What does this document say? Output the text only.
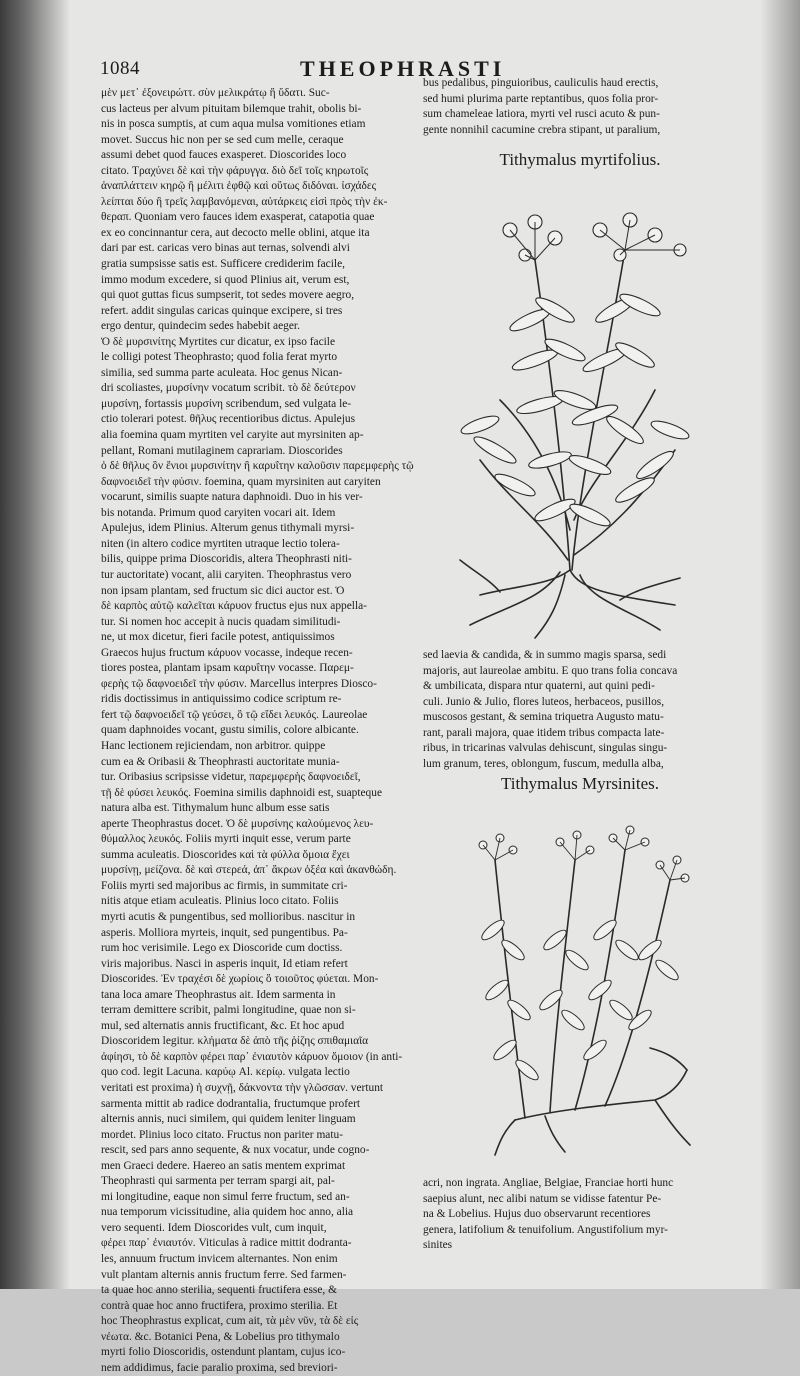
1084	THEOPHRASTI
μὲν μετ᾽ ἐξονειρώττ. σὺν μελικράτῳ ἢ ὕδατι. Suc-
cus lacteus per alvum pituitam bilemque trahit, obolis bi-
nis in posca sumptis, at cum aqua mulsa vomitiones etiam
movet. Succus hic non per se sed cum melle, ceraque
assumi debet quod fauces exasperet. Dioscorides loco
citato. Τραχύνει δὲ καὶ τὴν φάρυγγα. διὸ δεῖ τοῖς κηρωτοῖς
ἀναπλάττειν κηρῷ ἢ μέλιτι ἑφθῷ καὶ οὕτως διδόναι. ἰσχάδες
λείπται δύο ἢ τρεῖς λαμβανόμεναι, αὐτάρκεις εἰσὶ πρὸς τὴν ἐκ-
θεραπ. Quoniam vero fauces idem exasperat, catapotia quae
ex eo concinnantur cera, aut decocto melle oblini, atque ita
dari par est. caricas vero binas aut ternas, solvendi alvi
gratia sumpsisse satis est. Sufficere crediderim facile,
immo modum excedere, si quod Plinius ait, verum est,
qui quot guttas ficus sumpserit, tot sedes movere aegro,
refert. addit singulas caricas quinque excipere, si tres
ergo dentur, quindecim sedes habebit aeger.
Ὁ δὲ μυρσινίτης Myrtites cur dicatur, ex ipso facile
le colligi potest Theophrasto; quod folia ferat myrto
similia, sed summa parte aculeata. Hoc genus Nican-
dri scoliastes, μυρσίνην vocatum scribit. τὸ δὲ δεύτερον
μυρσίνη, fortassis μυρσίνη scribendum, sed vulgata le-
ctio tolerari potest. θῆλυς recentioribus dictus. Apulejus
alia foemina quam myrtiten vel caryite aut myrsiniten ap-
pellant, Romani mutilaginem caprariam. Dioscorides
ὁ δὲ θῆλυς ὃν ἔνιοι μυρσινίτην ἢ καρυΐτην καλοῦσιν παρεμφερὴς τῷ
δαφνοειδεῖ τὴν φύσιν. foemina, quam myrsiniten aut caryiten
vocarunt, similis suapte natura daphnoidi. Duo in his ver-
bis notanda. Primum quod caryiten vocari ait. Idem
Apulejus, idem Plinius. Alterum genus tithymali myrsi-
niten (in altero codice myrtiten utraque lectio tolera-
bilis, quippe prima Dioscoridis, altera Theophrasti niti-
tur auctoritate) vocant, alii caryiten. Theophrastus vero
non ipsam plantam, sed fructum sic dici auctor est. Ὁ
δὲ καρπὸς αὐτῷ καλεῖται κάρυον fructus ejus nux appella-
tur. Si nomen hoc accepit à nucis quadam similitudi-
ne, ut mox dicetur, fieri facile potest, antiquissimos
Graecos hujus fructum κάρυον vocasse, indeque recen-
tiores postea, plantam ipsam καρυΐτην vocasse. Παρεμ-
φερὴς τῷ δαφνοειδεῖ τὴν φύσιν. Marcellus interpres Diosco-
ridis doctissimus in antiquissimo codice scriptum re-
fert τῷ δαφνοειδεῖ τῷ γεύσει, ὃ τῷ εἴδει λευκός. Laureolae
quam daphnoides vocant, gustu similis, colore albicante.
Hanc lectionem rejiciendam, non arbitror. quippe
cum ea & Oribasii & Theophrasti auctoritate munia-
tur. Oribasius scripsisse videtur, παρεμφερὴς δαφνοειδεῖ,
τῇ δὲ φύσει λευκός. Foemina similis daphnoidi est, suapteque
natura alba est. Tithymalum hunc album esse satis
aperte Theophrastus docet. Ὁ δὲ μυρσίνης καλούμενος λευ-
θύμαλλος λευκός. Foliis myrti inquit esse, verum parte
summa aculeatis. Dioscorides καὶ τὰ φύλλα ὅμοια ἔχει
μυρσίνῃ, μείζονα. δὲ καὶ στερεά, ἀπ᾽ ἄκρων ὀξέα καὶ ἀκανθώδη.
Foliis myrti sed majoribus ac firmis, in summitate cri-
nitis atque etiam aculeatis. Plinius loco citato. Foliis
myrti acutis & pungentibus, sed mollioribus. nascitur in
asperis. Molliora myrteis, inquit, sed pungentibus. Pa-
rum hoc verisimile. Lego ex Dioscoride cum doctiss.
viris majoribus. Nasci in asperis inquit, Id etiam refert
Dioscorides. Ἐν τραχέσι δὲ χωρίοις ὃ τοιοῦτος φύεται. Mon-
tana loca amare Theophrastus ait. Idem sarmenta in
terram demittere scribit, palmi longitudine, quae non si-
mul, sed alternatis annis fructificant, &c. Et hoc apud
Dioscoridem legitur. κλήματα δὲ ἀπὸ τῆς ῥίζης σπιθαμιαῖα
ἀφίησι, τὸ δὲ καρπὸν φέρει παρ᾽ ἐνιαυτὸν κάρυον ὅμοιον (in anti-
quo cod. legit Lacuna. καρύῳ Al. κερίῳ. vulgata lectio
veritati est proxima) ἡ συχνῇ, δάκνοντα τὴν γλῶσσαν. vertunt
sarmenta mittit ab radice dodrantalia, fructumque profert
alternis annis, nuci similem, qui quidem leniter linguam
mordet. Plinius loco citato. Fructus non pariter matu-
rescit, sed pars anno sequente, & nux vocatur, unde cogno-
men Graeci dedere. Haereo an satis mentem exprimat
Theophrasti qui sarmenta per terram spargi ait, pal-
mi longitudine, eaque non simul ferre fructum, sed an-
nua temporum vicissitudine, alia quidem hoc anno, alia
vero sequenti. Idem Dioscorides vult, cum inquit,
φέρει παρ᾽ ἐνιαυτόν. Viticulas à radice mittit dodranta-
les, annuum fructum invicem alternantes. Non enim
vult plantam alternis annis fructum ferre. Sed farmen-
ta quae hoc anno sterilia, sequenti fructifera esse, &
contrà quae hoc anno fructifera, proximo sterilia. Et
hoc Theophrastus explicat, cum ait, τὰ μὲν νῦν, τὰ δὲ εἰς
νέωτα. &c. Botanici Pena, & Lobelius pro tithymalo
myrti folio Dioscoridis, ostendunt plantam, cujus ico-
nem addidimus, facie paralio proxima, sed breviori-
bus pedalibus, pinguioribus, cauliculis haud erectis,
sed humi plurima parte reptantibus, quos folia pror-
sum chameleae latiora, myrti vel rusci acuto & pun-
gente nonnihil cacumine crebra stipant, ut paralium,
Tithymalus myrtifolius.
sed laevia & candida, & in summo magis sparsa, sedi
majoris, aut laureolae ambitu. E quo trans folia concava
& umbilicata, dispara ntur quaterni, aut quini pedi-
culi. Junio & Julio, flores luteos, herbaceos, pusillos,
muscosos gestant, & semina triquetra Augusto matu-
rant, parali majora, quae itidem tribus compacta late-
ribus, in tricarinas valvulas dehiscunt, singulas singu-
lum granum, teres, oblongum, fuscum, medulla alba,
Tithymalus Myrsinites.
acri, non ingrata. Angliae, Belgiae, Franciae horti hunc
saepius alunt, nec alibi natum se vidisse fatentur Pe-
na & Lobelius. Hujus duo observarunt recentiores
genera, latifolium & tenuifolium. Angustifolium myr-
sinites
